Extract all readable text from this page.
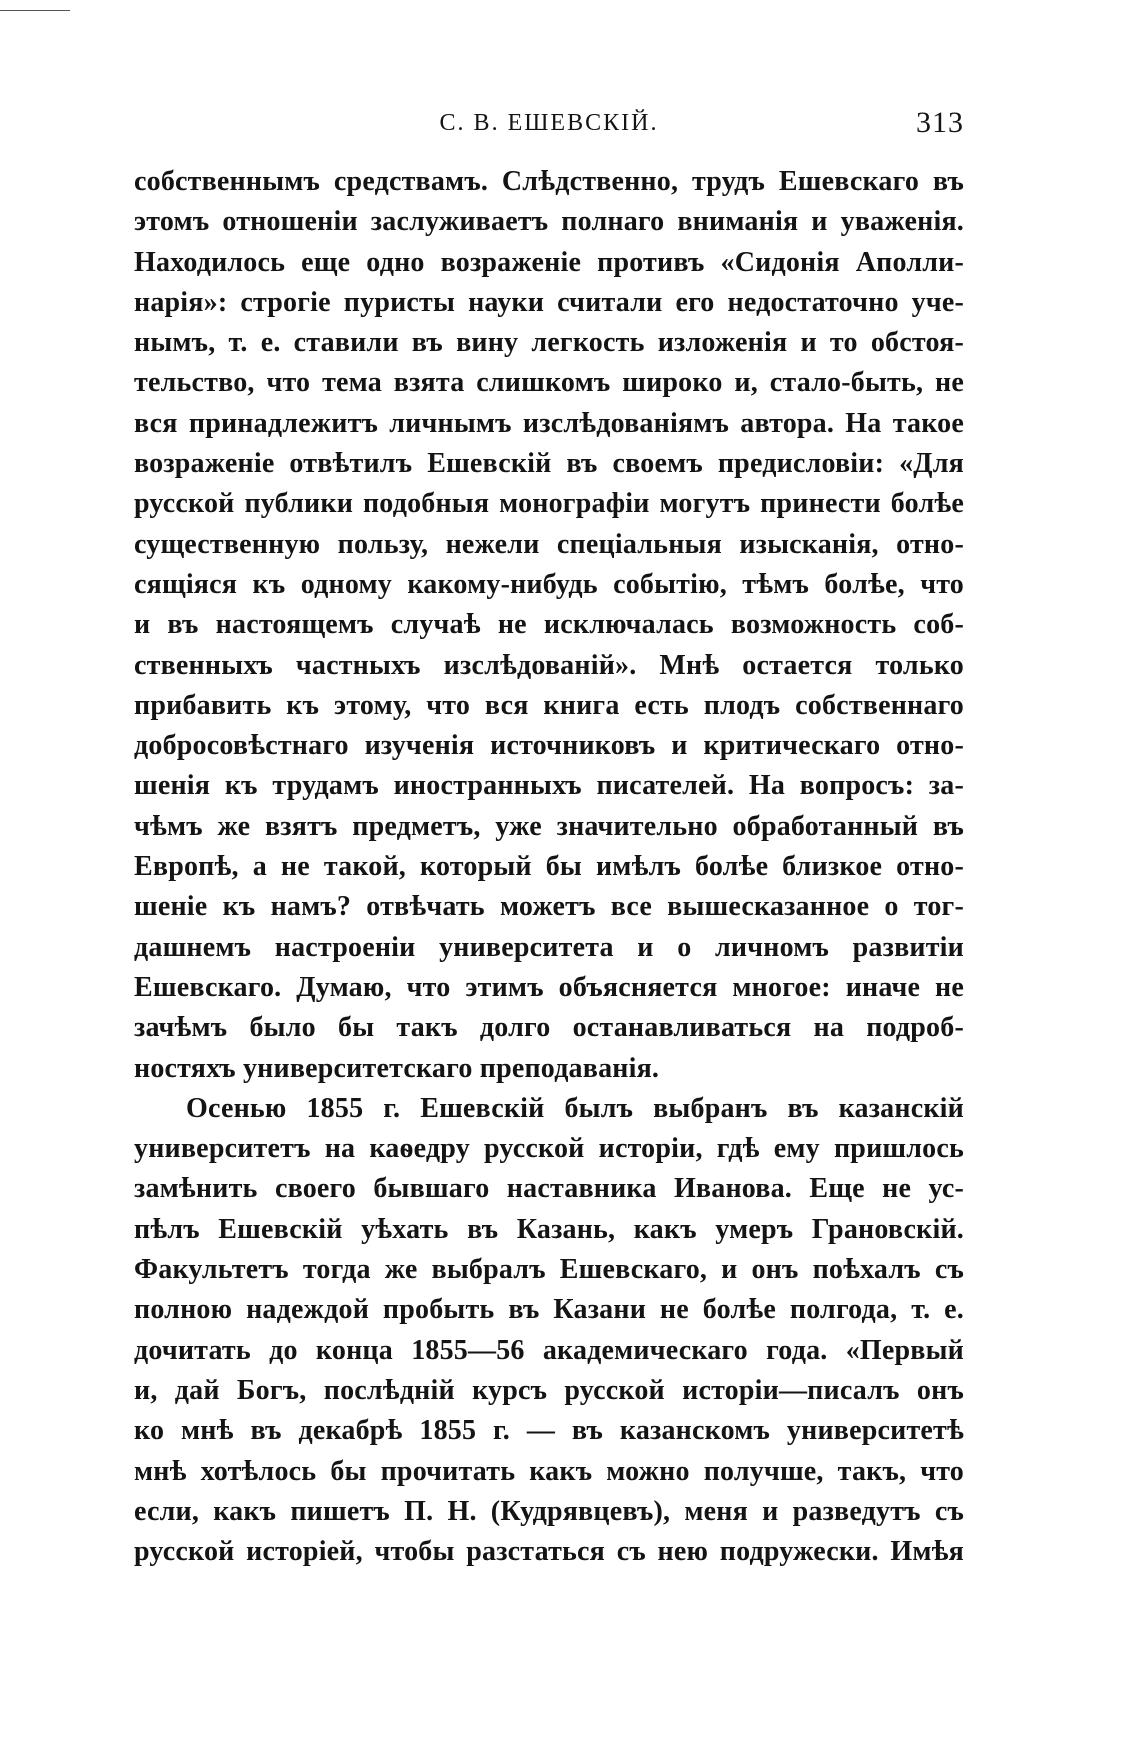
С. В. ЕШЕВСКІЙ.	313
собственнымъ средствамъ. Слѣдственно, трудъ Ешевскаго въ
этомъ отношеніи заслуживаетъ полнаго вниманія и уваженія.
Находилось еще одно возраженіе противъ «Сидонія Аполли-
нарія»: строгіе пуристы науки считали его недостаточно уче-
нымъ, т. е. ставили въ вину легкость изложенія и то обстоя-
тельство, что тема взята слишкомъ широко и, стало-быть, не
вся принадлежитъ личнымъ изслѣдованіямъ автора. На такое
возраженіе отвѣтилъ Ешевскій въ своемъ предисловіи: «Для
русской публики подобныя монографіи могутъ принести болѣе
существенную пользу, нежели спеціальныя изысканія, отно-
сящіяся къ одному какому-нибудь событію, тѣмъ болѣе, что
и въ настоящемъ случаѣ не исключалась возможность соб-
ственныхъ частныхъ изслѣдованій». Мнѣ остается только
прибавить къ этому, что вся книга есть плодъ собственнаго
добросовѣстнаго изученія источниковъ и критическаго отно-
шенія къ трудамъ иностранныхъ писателей. На вопросъ: за-
чѣмъ же взятъ предметъ, уже значительно обработанный въ
Европѣ, а не такой, который бы имѣлъ болѣе близкое отно-
шеніе къ намъ? отвѣчать можетъ все вышесказанное о тог-
дашнемъ настроеніи университета и о личномъ развитіи
Ешевскаго. Думаю, что этимъ объясняется многое: иначе не
зачѣмъ было бы такъ долго останавливаться на подроб-
ностяхъ университетскаго преподаванія.
Осенью 1855 г. Ешевскій былъ выбранъ въ казанскій
университетъ на каѳедру русской исторіи, гдѣ ему пришлось
замѣнить своего бывшаго наставника Иванова. Еще не ус-
пѣлъ Ешевскій уѣхать въ Казань, какъ умеръ Грановскій.
Факультетъ тогда же выбралъ Ешевскаго, и онъ поѣхалъ съ
полною надеждой пробыть въ Казани не болѣе полгода, т. е.
дочитать до конца 1855—56 академическаго года. «Первый
и, дай Богъ, послѣдній курсъ русской исторіи—писалъ онъ
ко мнѣ въ декабрѣ 1855 г. — въ казанскомъ университетѣ
мнѣ хотѣлось бы прочитать какъ можно получше, такъ, что
если, какъ пишетъ П. Н. (Кудрявцевъ), меня и разведутъ съ
русской исторіей, чтобы разстаться съ нею подружески. Имѣя
